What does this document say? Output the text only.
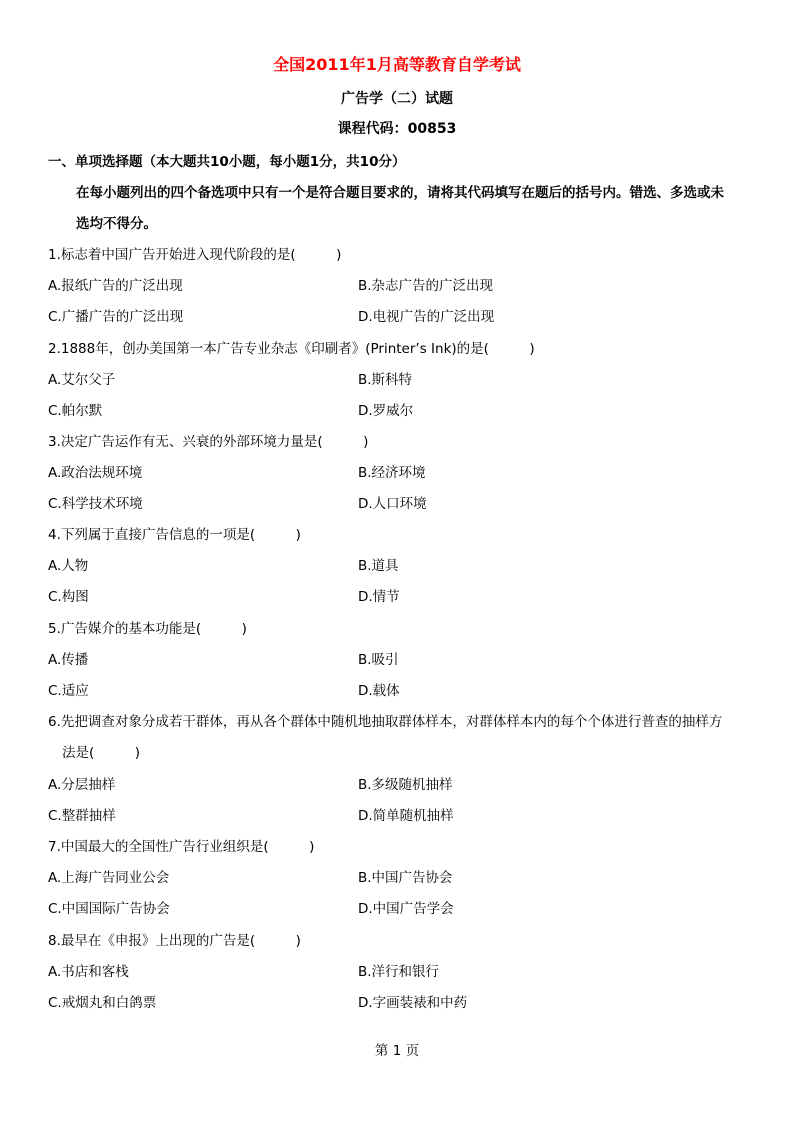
全国2011年1月高等教育自学考试
广告学（二）试题
课程代码：00853
一、单项选择题（本大题共10小题，每小题1分，共10分）
在每小题列出的四个备选项中只有一个是符合题目要求的，请将其代码填写在题后的括号内。错选、多选或未
选均不得分。
1.标志着中国广告开始进入现代阶段的是(　　　)
A.报纸广告的广泛出现	B.杂志广告的广泛出现
C.广播广告的广泛出现	D.电视广告的广泛出现
2.1888年，创办美国第一本广告专业杂志《印刷者》(Printer’s Ink)的是(　　　)
A.艾尔父子	B.斯科特
C.帕尔默	D.罗威尔
3.决定广告运作有无、兴衰的外部环境力量是(　　　)
A.政治法规环境	B.经济环境
C.科学技术环境	D.人口环境
4.下列属于直接广告信息的一项是(　　　)
A.人物	B.道具
C.构图	D.情节
5.广告媒介的基本功能是(　　　)
A.传播	B.吸引
C.适应	D.载体
6.先把调查对象分成若干群体，再从各个群体中随机地抽取群体样本，对群体样本内的每个个体进行普查的抽样方
法是(　　　)
A.分层抽样	B.多级随机抽样
C.整群抽样	D.简单随机抽样
7.中国最大的全国性广告行业组织是(　　　)
A.上海广告同业公会	B.中国广告协会
C.中国国际广告协会	D.中国广告学会
8.最早在《申报》上出现的广告是(　　　)
A.书店和客栈	B.洋行和银行
C.戒烟丸和白鸽票	D.字画装裱和中药
第 1 页
